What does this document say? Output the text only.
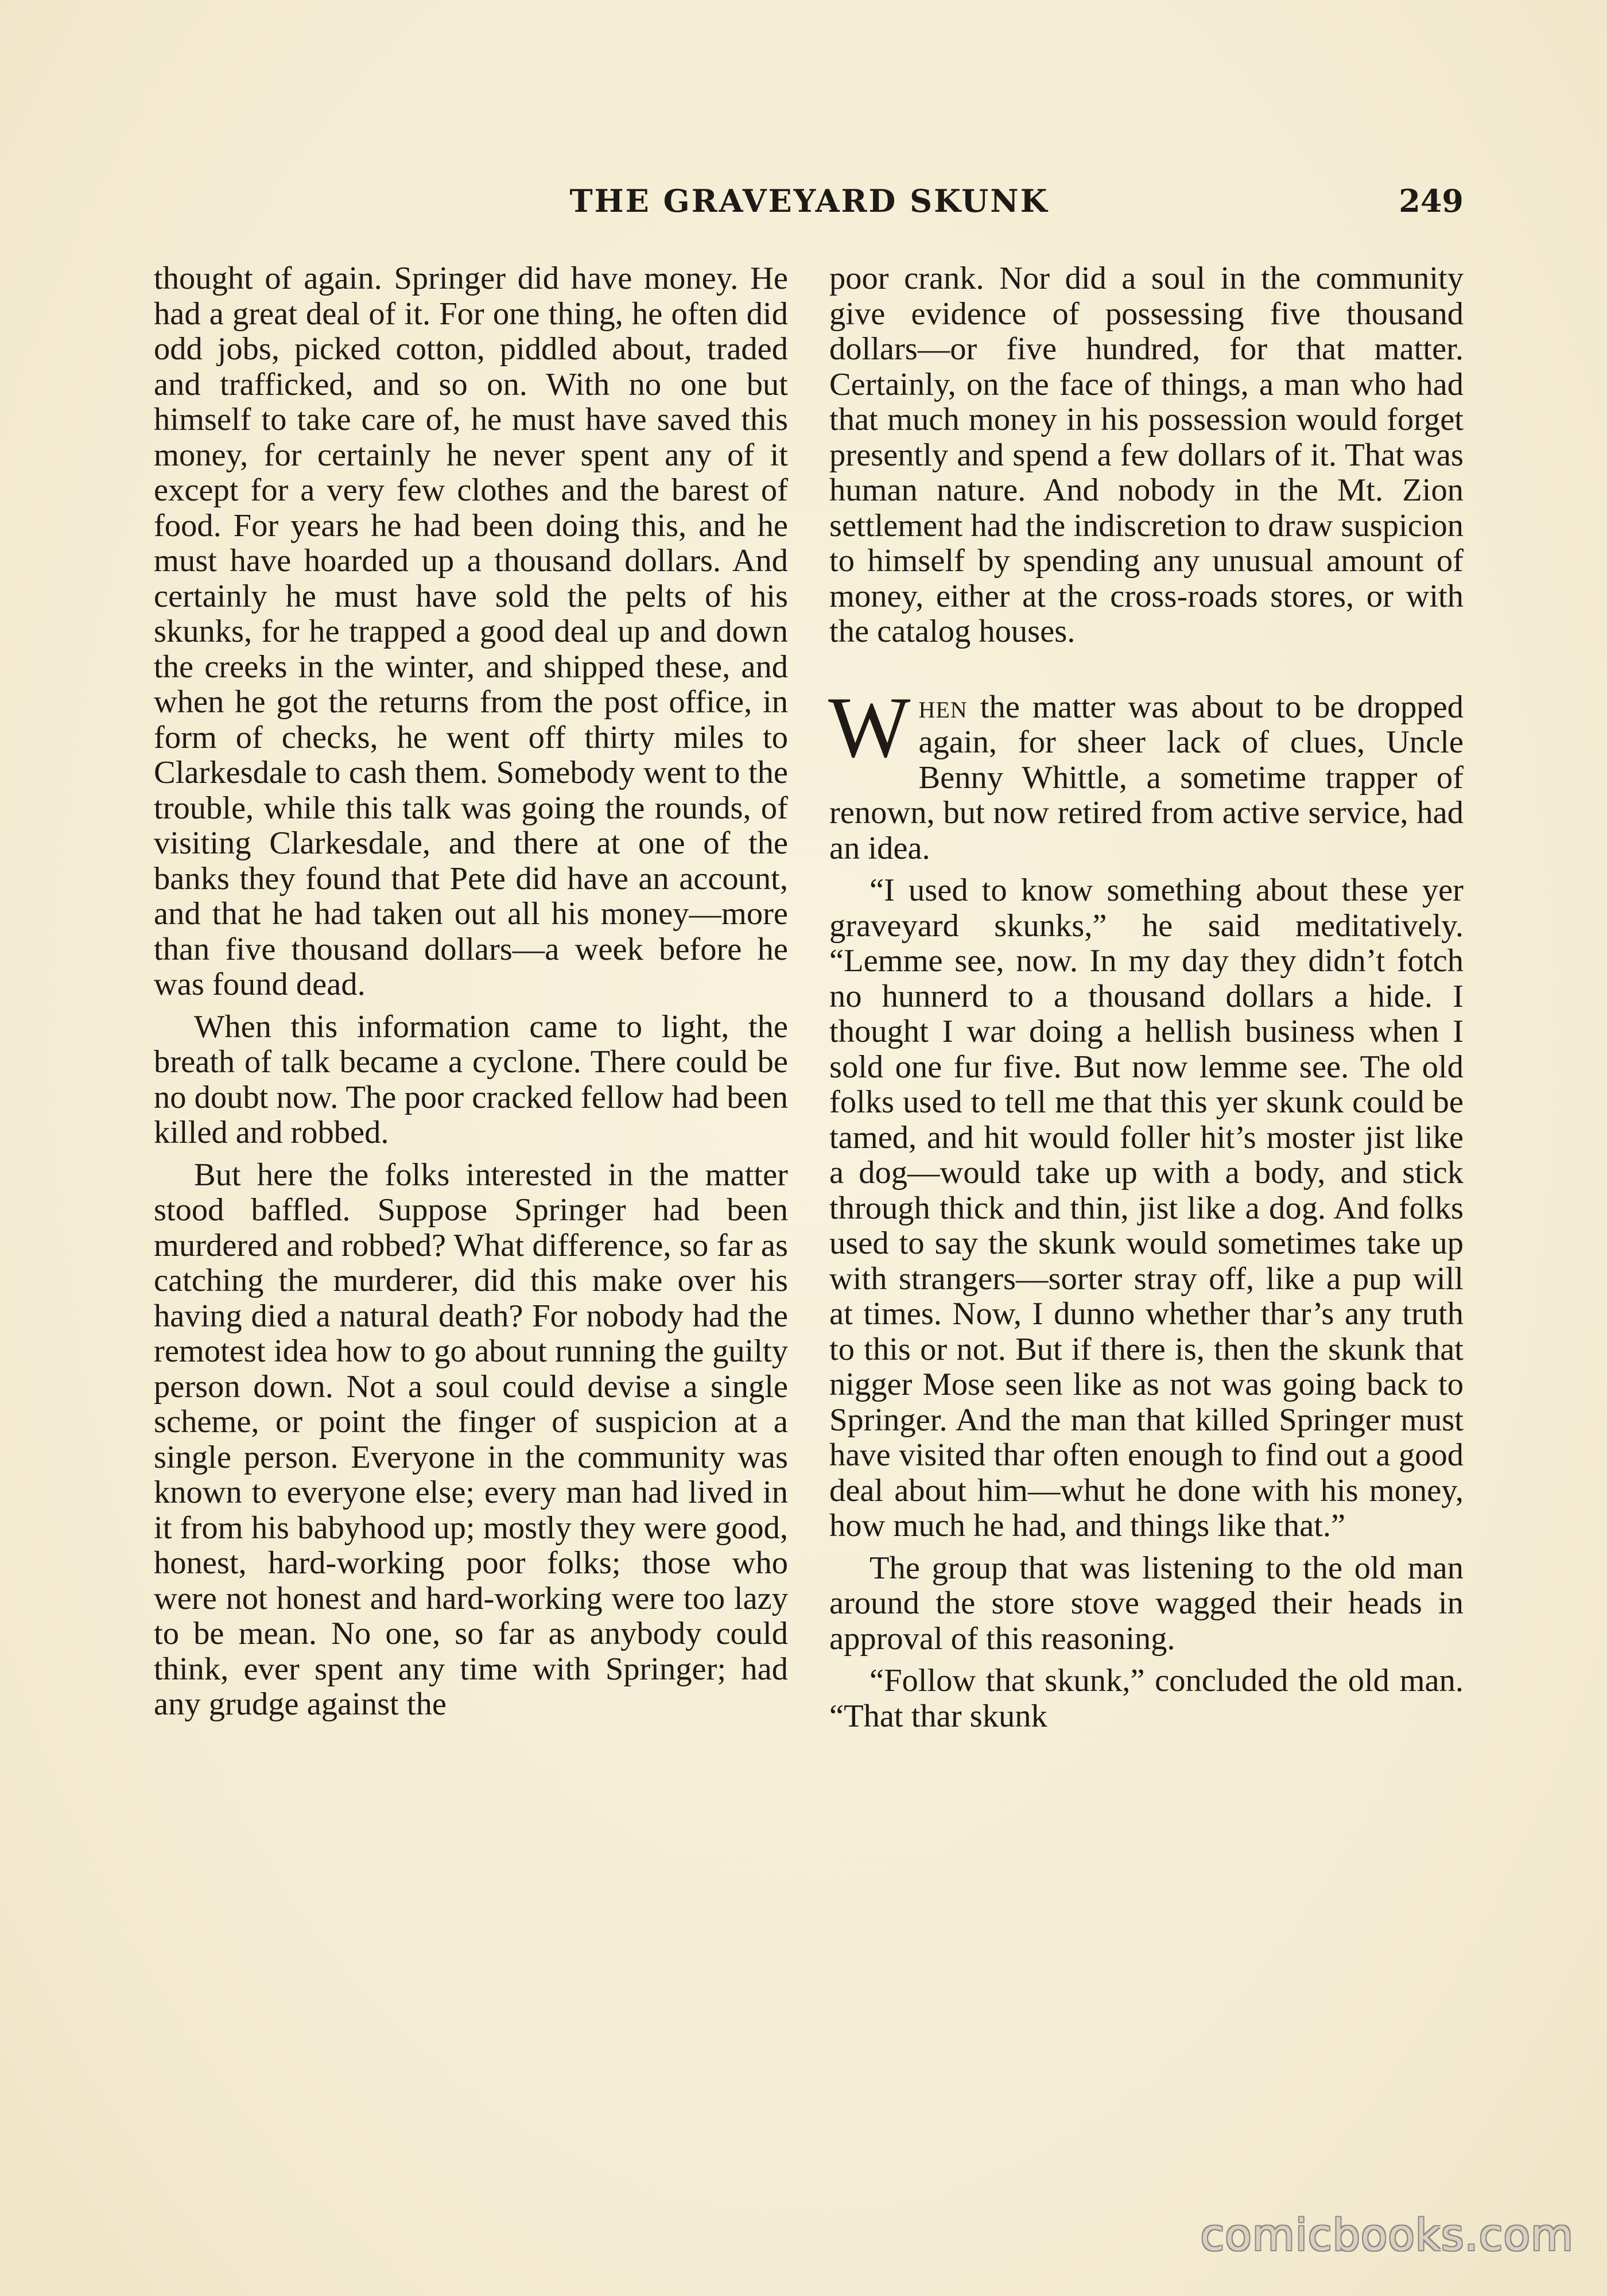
THE GRAVEYARD SKUNK	249

thought of again. Springer did have money. He had a great deal of it. For one thing, he often did odd jobs, picked cotton, piddled about, traded and trafficked, and so on. With no one but himself to take care of, he must have saved this money, for certainly he never spent any of it except for a very few clothes and the barest of food. For years he had been doing this, and he must have hoarded up a thousand dollars. And certainly he must have sold the pelts of his skunks, for he trapped a good deal up and down the creeks in the winter, and shipped these, and when he got the returns from the post office, in form of checks, he went off thirty miles to Clarkesdale to cash them. Somebody went to the trouble, while this talk was going the rounds, of visiting Clarkesdale, and there at one of the banks they found that Pete did have an account, and that he had taken out all his money—more than five thousand dollars—a week before he was found dead.

When this information came to light, the breath of talk became a cyclone. There could be no doubt now. The poor cracked fellow had been killed and robbed.

But here the folks interested in the matter stood baffled. Suppose Springer had been murdered and robbed? What difference, so far as catching the murderer, did this make over his having died a natural death? For nobody had the remotest idea how to go about running the guilty person down. Not a soul could devise a single scheme, or point the finger of suspicion at a single person. Everyone in the community was known to everyone else; every man had lived in it from his babyhood up; mostly they were good, honest, hard-working poor folks; those who were not honest and hard-working were too lazy to be mean. No one, so far as anybody could think, ever spent any time with Springer; had any grudge against the

poor crank. Nor did a soul in the community give evidence of possessing five thousand dollars—or five hundred, for that matter. Certainly, on the face of things, a man who had that much money in his possession would forget presently and spend a few dollars of it. That was human nature. And nobody in the Mt. Zion settlement had the indiscretion to draw suspicion to himself by spending any unusual amount of money, either at the cross-roads stores, or with the catalog houses.

When the matter was about to be dropped again, for sheer lack of clues, Uncle Benny Whittle, a sometime trapper of renown, but now retired from active service, had an idea.

“I used to know something about these yer graveyard skunks,” he said meditatively. “Lemme see, now. In my day they didn’t fotch no hunnerd to a thousand dollars a hide. I thought I war doing a hellish business when I sold one fur five. But now lemme see. The old folks used to tell me that this yer skunk could be tamed, and hit would foller hit’s moster jist like a dog—would take up with a body, and stick through thick and thin, jist like a dog. And folks used to say the skunk would sometimes take up with strangers—sorter stray off, like a pup will at times. Now, I dunno whether thar’s any truth to this or not. But if there is, then the skunk that nigger Mose seen like as not was going back to Springer. And the man that killed Springer must have visited thar often enough to find out a good deal about him—whut he done with his money, how much he had, and things like that.”

The group that was listening to the old man around the store stove wagged their heads in approval of this reasoning.

“Follow that skunk,” concluded the old man. “That thar skunk

comicbooks.com
